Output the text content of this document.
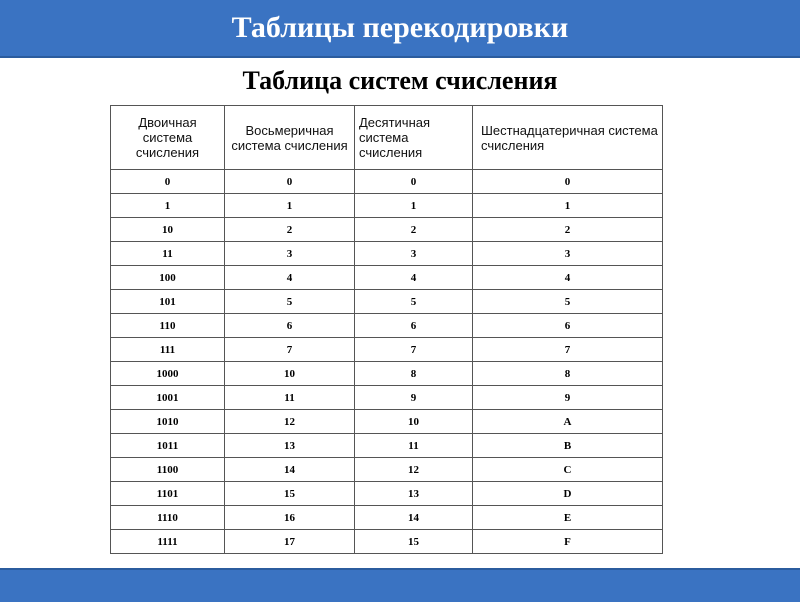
Таблицы перекодировки
Таблица систем счисления
Двоичная система счисления	Восьмеричная система счисления	Десятичная система счисления	Шестнадцатеричная система счисления

0	0	0	0
1	1	1	1
10	2	2	2
11	3	3	3
100	4	4	4
101	5	5	5
110	6	6	6
111	7	7	7
1000	10	8	8
1001	11	9	9
1010	12	10	A
1011	13	11	B
1100	14	12	C
1101	15	13	D
1110	16	14	E
1111	17	15	F
